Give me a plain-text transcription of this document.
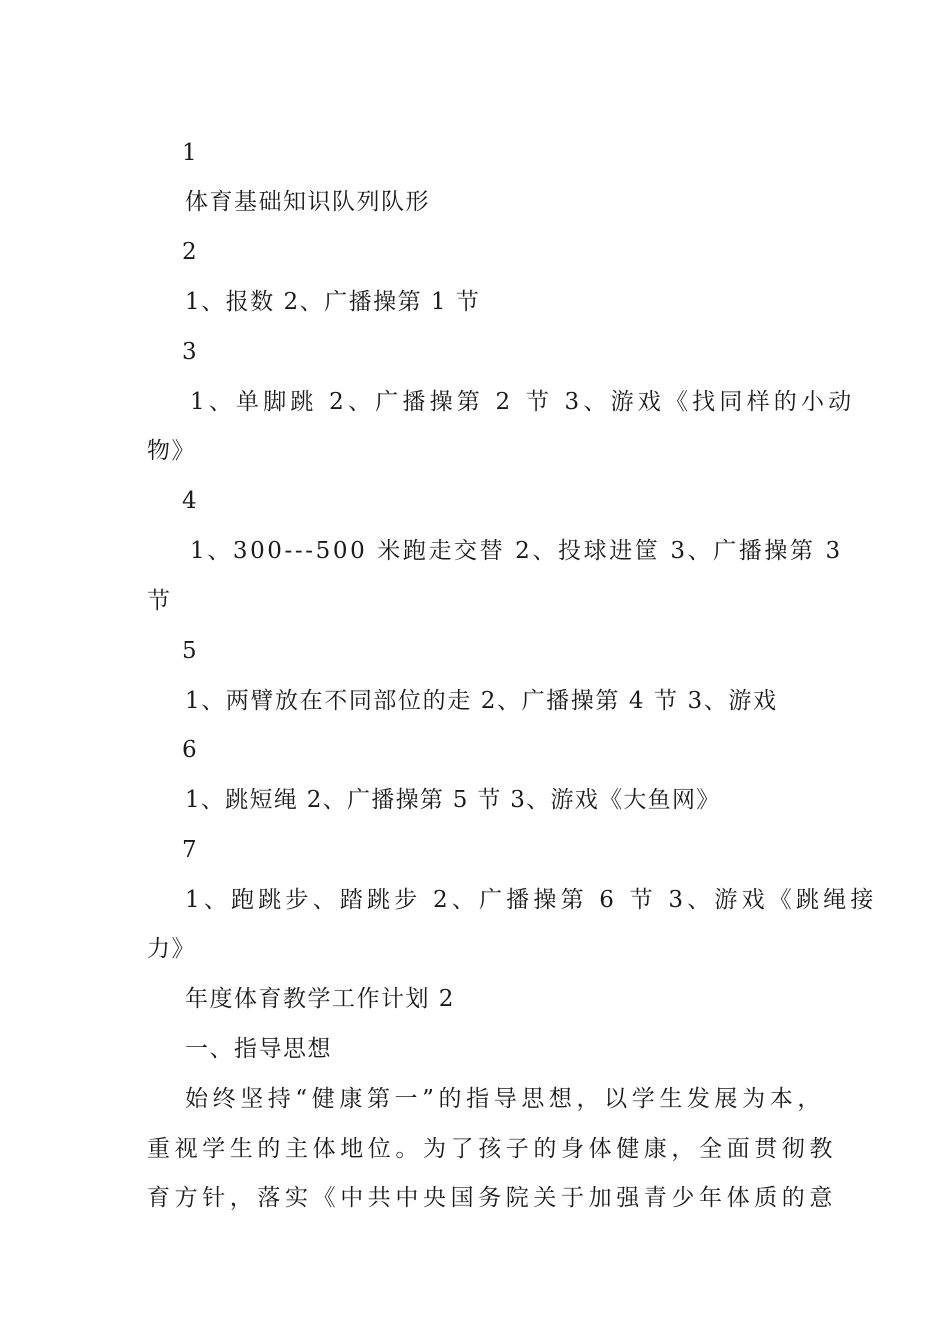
1
体育基础知识队列队形
2
1、报数 2、广播操第 1 节
3
1、单脚跳 2、广播操第 2 节 3、游戏《找同样的小动
物》
4
1、300---500 米跑走交替 2、投球进筐 3、广播操第 3
节
5
1、两臂放在不同部位的走 2、广播操第 4 节 3、游戏
6
1、跳短绳 2、广播操第 5 节 3、游戏《大鱼网》
7
1、跑跳步、踏跳步 2、广播操第 6 节 3、游戏《跳绳接
力》
年度体育教学工作计划 2
一、指导思想
始终坚持“健康第一”的指导思想，以学生发展为本，
重视学生的主体地位。为了孩子的身体健康，全面贯彻教
育方针，落实《中共中央国务院关于加强青少年体质的意
